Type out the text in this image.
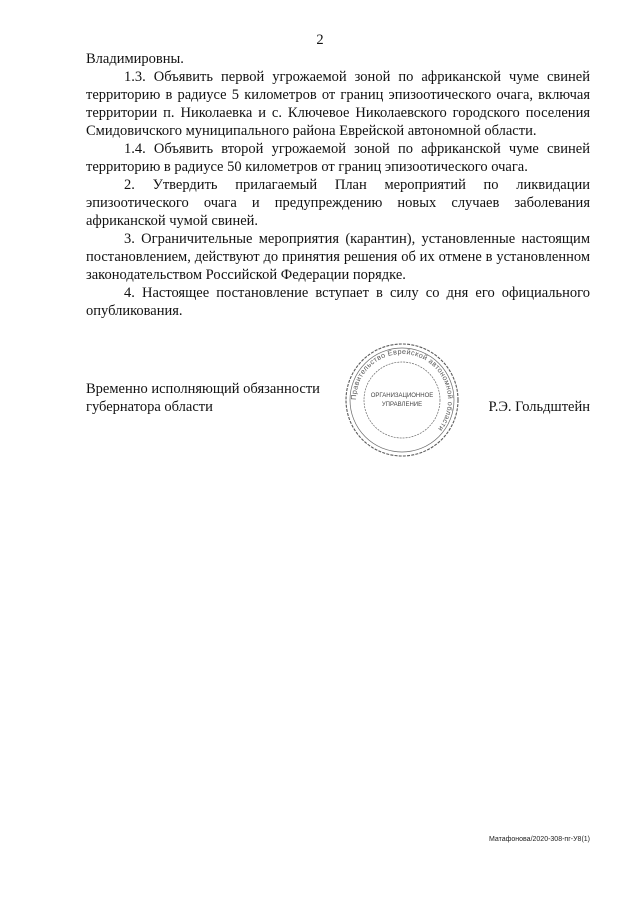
2

Владимировны.

1.3. Объявить первой угрожаемой зоной по африканской чуме свиней территорию в радиусе 5 километров от границ эпизоотического очага, включая территории п. Николаевка и с. Ключевое Николаевского городского поселения Смидовичского муниципального района Еврейской автономной области.

1.4. Объявить второй угрожаемой зоной по африканской чуме свиней территорию в радиусе 50 километров от границ эпизоотического очага.

2. Утвердить прилагаемый План мероприятий по ликвидации эпизоотического очага и предупреждению новых случаев заболевания африканской чумой свиней.

3. Ограничительные мероприятия (карантин), установленные настоящим постановлением, действуют до принятия решения об их отмене в установленном законодательством Российской Федерации порядке.

4. Настоящее постановление вступает в силу со дня его официального опубликования.

Временно исполняющий обязанности
губернатора области
Правительство Еврейской автономной области
ОРГАНИЗАЦИОННОЕ
УПРАВЛЕНИЕ	Р.Э. Гольдштейн
Матафонова/2020-308-пг-У8(1)
